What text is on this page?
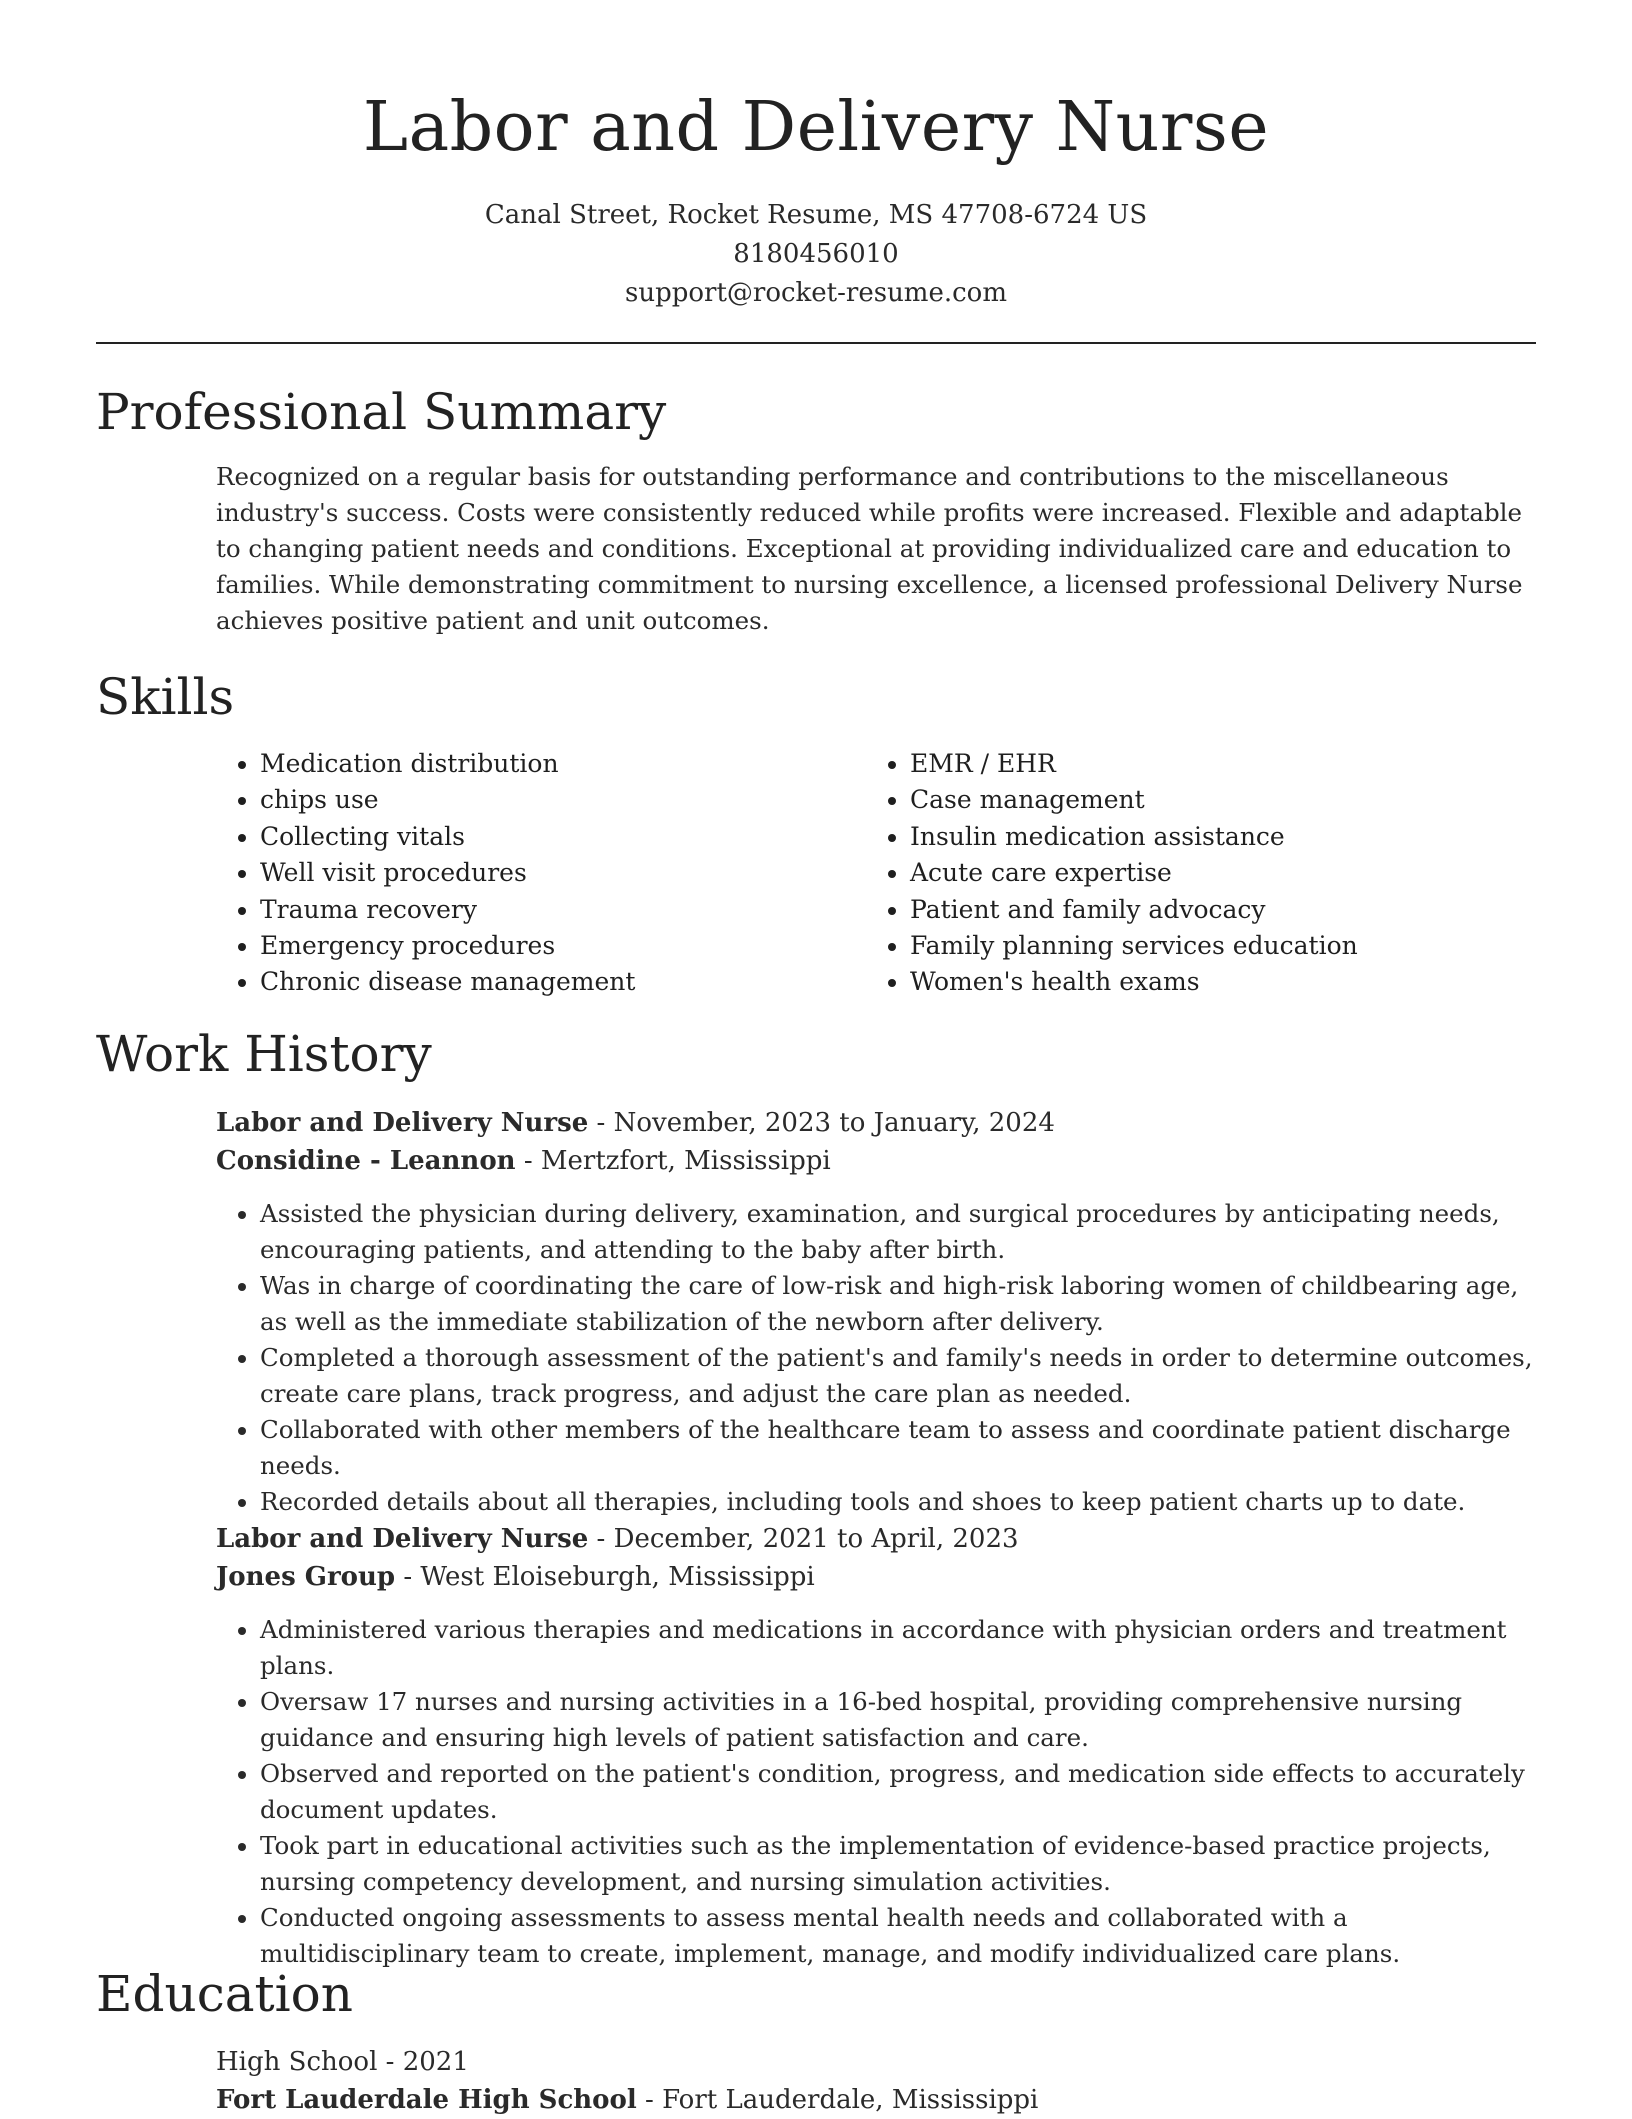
Labor and Delivery Nurse
Canal Street, Rocket Resume, MS 47708-6724 US
8180456010
support@rocket-resume.com
Professional Summary
Recognized on a regular basis for outstanding performance and contributions to the miscellaneous industry's success. Costs were consistently reduced while profits were increased. Flexible and adaptable to changing patient needs and conditions. Exceptional at providing individualized care and education to families. While demonstrating commitment to nursing excellence, a licensed professional Delivery Nurse achieves positive patient and unit outcomes.
Skills
• Medication distribution
• chips use
• Collecting vitals
• Well visit procedures
• Trauma recovery
• Emergency procedures
• Chronic disease management
• EMR / EHR
• Case management
• Insulin medication assistance
• Acute care expertise
• Patient and family advocacy
• Family planning services education
• Women's health exams
Work History
Labor and Delivery Nurse - November, 2023 to January, 2024
Considine - Leannon - Mertzfort, Mississippi
• Assisted the physician during delivery, examination, and surgical procedures by anticipating needs, encouraging patients, and attending to the baby after birth.
• Was in charge of coordinating the care of low-risk and high-risk laboring women of childbearing age, as well as the immediate stabilization of the newborn after delivery.
• Completed a thorough assessment of the patient's and family's needs in order to determine outcomes, create care plans, track progress, and adjust the care plan as needed.
• Collaborated with other members of the healthcare team to assess and coordinate patient discharge needs.
• Recorded details about all therapies, including tools and shoes to keep patient charts up to date.
Labor and Delivery Nurse - December, 2021 to April, 2023
Jones Group - West Eloiseburgh, Mississippi
• Administered various therapies and medications in accordance with physician orders and treatment plans.
• Oversaw 17 nurses and nursing activities in a 16-bed hospital, providing comprehensive nursing guidance and ensuring high levels of patient satisfaction and care.
• Observed and reported on the patient's condition, progress, and medication side effects to accurately document updates.
• Took part in educational activities such as the implementation of evidence-based practice projects, nursing competency development, and nursing simulation activities.
• Conducted ongoing assessments to assess mental health needs and collaborated with a multidisciplinary team to create, implement, manage, and modify individualized care plans.
Education
High School - 2021
Fort Lauderdale High School - Fort Lauderdale, Mississippi
